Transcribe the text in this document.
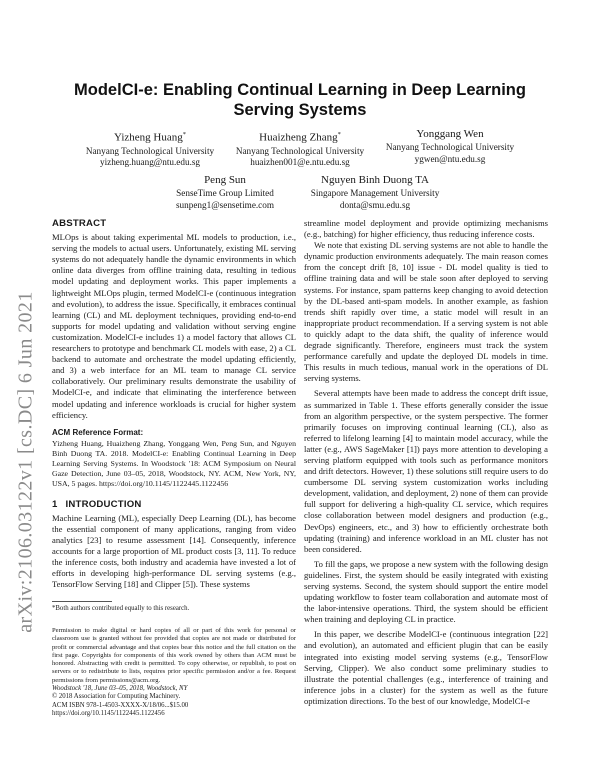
arXiv:2106.03122v1 [cs.DC] 6 Jun 2021
ModelCI-e: Enabling Continual Learning in Deep Learning
Serving Systems
Yizheng Huang*
Nanyang Technological University
yizheng.huang@ntu.edu.sg
Huaizheng Zhang*
Nanyang Technological University
huaizhen001@e.ntu.edu.sg
Yonggang Wen
Nanyang Technological University
ygwen@ntu.edu.sg
Peng Sun
SenseTime Group Limited
sunpeng1@sensetime.com
Nguyen Binh Duong TA
Singapore Management University
donta@smu.edu.sg
ABSTRACT

MLOps is about taking experimental ML models to production, i.e., serving the models to actual users. Unfortunately, existing ML serving systems do not adequately handle the dynamic environments in which online data diverges from offline training data, resulting in tedious model updating and deployment works. This paper implements a lightweight MLOps plugin, termed ModelCI-e (continuous integration and evolution), to address the issue. Specifically, it embraces continual learning (CL) and ML deployment techniques, providing end-to-end supports for model updating and validation without serving engine customization. ModelCI-e includes 1) a model factory that allows CL researchers to prototype and benchmark CL models with ease, 2) a CL backend to automate and orchestrate the model updating efficiently, and 3) a web interface for an ML team to manage CL service collaboratively. Our preliminary results demonstrate the usability of ModelCI-e, and indicate that eliminating the interference between model updating and inference workloads is crucial for higher system efficiency.

ACM Reference Format:

Yizheng Huang, Huaizheng Zhang, Yonggang Wen, Peng Sun, and Nguyen Binh Duong TA. 2018. ModelCI-e: Enabling Continual Learning in Deep Learning Serving Systems. In Woodstock '18: ACM Symposium on Neural Gaze Detection, June 03–05, 2018, Woodstock, NY. ACM, New York, NY, USA, 5 pages. https://doi.org/10.1145/1122445.1122456

1 INTRODUCTION

Machine Learning (ML), especially Deep Learning (DL), has become the essential component of many applications, ranging from video analytics [23] to resume assessment [14]. Consequently, inference accounts for a large proportion of ML product costs [3, 11]. To reduce the inference costs, both industry and academia have invested a lot of efforts in developing high-performance DL serving systems (e.g., TensorFlow Serving [18] and Clipper [5]). These systems

*Both authors contributed equally to this research.

Permission to make digital or hard copies of all or part of this work for personal or classroom use is granted without fee provided that copies are not made or distributed for profit or commercial advantage and that copies bear this notice and the full citation on the first page. Copyrights for components of this work owned by others than ACM must be honored. Abstracting with credit is permitted. To copy otherwise, or republish, to post on servers or to redistribute to lists, requires prior specific permission and/or a fee. Request permissions from permissions@acm.org.

Woodstock '18, June 03–05, 2018, Woodstock, NY

© 2018 Association for Computing Machinery.

ACM ISBN 978-1-4503-XXXX-X/18/06...$15.00

https://doi.org/10.1145/1122445.1122456

streamline model deployment and provide optimizing mechanisms (e.g., batching) for higher efficiency, thus reducing inference costs.

We note that existing DL serving systems are not able to handle the dynamic production environments adequately. The main reason comes from the concept drift [8, 10] issue - DL model quality is tied to offline training data and will be stale soon after deployed to serving systems. For instance, spam patterns keep changing to avoid detection by the DL-based anti-spam models. In another example, as fashion trends shift rapidly over time, a static model will result in an inappropriate product recommendation. If a serving system is not able to quickly adapt to the data shift, the quality of inference would degrade significantly. Therefore, engineers must track the system performance carefully and update the deployed DL models in time. This results in much tedious, manual work in the operations of DL serving systems.

Several attempts have been made to address the concept drift issue, as summarized in Table 1. These efforts generally consider the issue from an algorithm perspective, or the system perspective. The former primarily focuses on improving continual learning (CL), also as referred to lifelong learning [4] to maintain model accuracy, while the latter (e.g., AWS SageMaker [1]) pays more attention to developing a serving platform equipped with tools such as performance monitors and drift detectors. However, 1) these solutions still require users to do cumbersome DL serving system customization works including development, validation, and deployment, 2) none of them can provide full support for delivering a high-quality CL service, which requires close collaboration between model designers and production (e.g., DevOps) engineers, etc., and 3) how to efficiently orchestrate both updating (training) and inference workload in an ML cluster has not been considered.

To fill the gaps, we propose a new system with the following design guidelines. First, the system should be easily integrated with existing serving systems. Second, the system should support the entire model updating workflow to foster team collaboration and automate most of the labor-intensive operations. Third, the system should be efficient when training and deploying CL in practice.

In this paper, we describe ModelCI-e (continuous integration [22] and evolution), an automated and efficient plugin that can be easily integrated into existing model serving systems (e.g., TensorFlow Serving, Clipper). We also conduct some preliminary studies to illustrate the potential challenges (e.g., interference of training and inference jobs in a cluster) for the system as well as the future optimization directions. To the best of our knowledge, ModelCI-e
